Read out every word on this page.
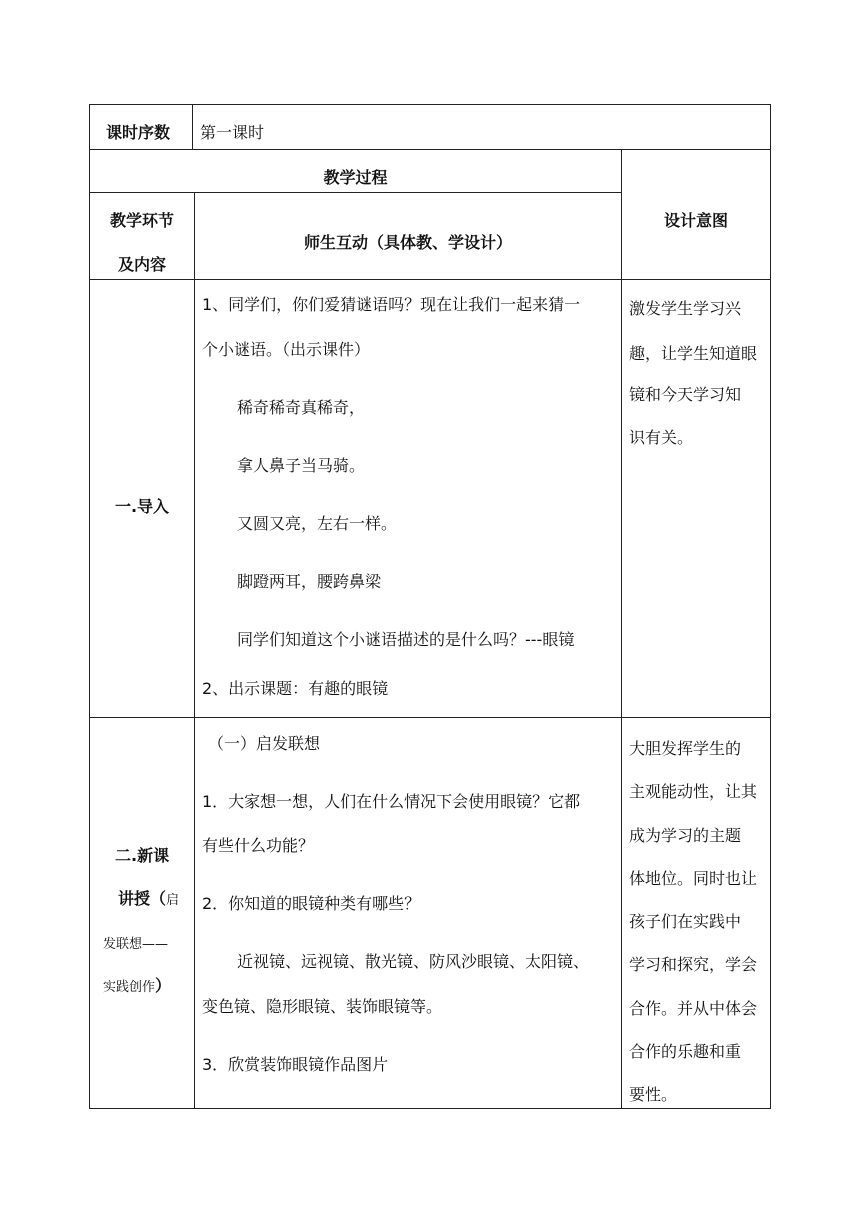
课时序数 第一课时
教学过程
设计意图
教学环节
及内容
师生互动（具体教、学设计）
一.导入
1、同学们，你们爱猜谜语吗？现在让我们一起来猜一
个小谜语。（出示课件）
稀奇稀奇真稀奇，
拿人鼻子当马骑。
又圆又亮，左右一样。
脚蹬两耳，腰跨鼻梁
同学们知道这个小谜语描述的是什么吗？---眼镜
2、出示课题：有趣的眼镜
激发学生学习兴
趣，让学生知道眼
镜和今天学习知
识有关。
二.新课
讲授（启
发联想——
实践创作）
（一）启发联想
1．大家想一想，人们在什么情况下会使用眼镜？它都
有些什么功能？
2．你知道的眼镜种类有哪些？
近视镜、远视镜、散光镜、防风沙眼镜、太阳镜、
变色镜、隐形眼镜、装饰眼镜等。
3．欣赏装饰眼镜作品图片
大胆发挥学生的
主观能动性，让其
成为学习的主题
体地位。同时也让
孩子们在实践中
学习和探究，学会
合作。并从中体会
合作的乐趣和重
要性。
